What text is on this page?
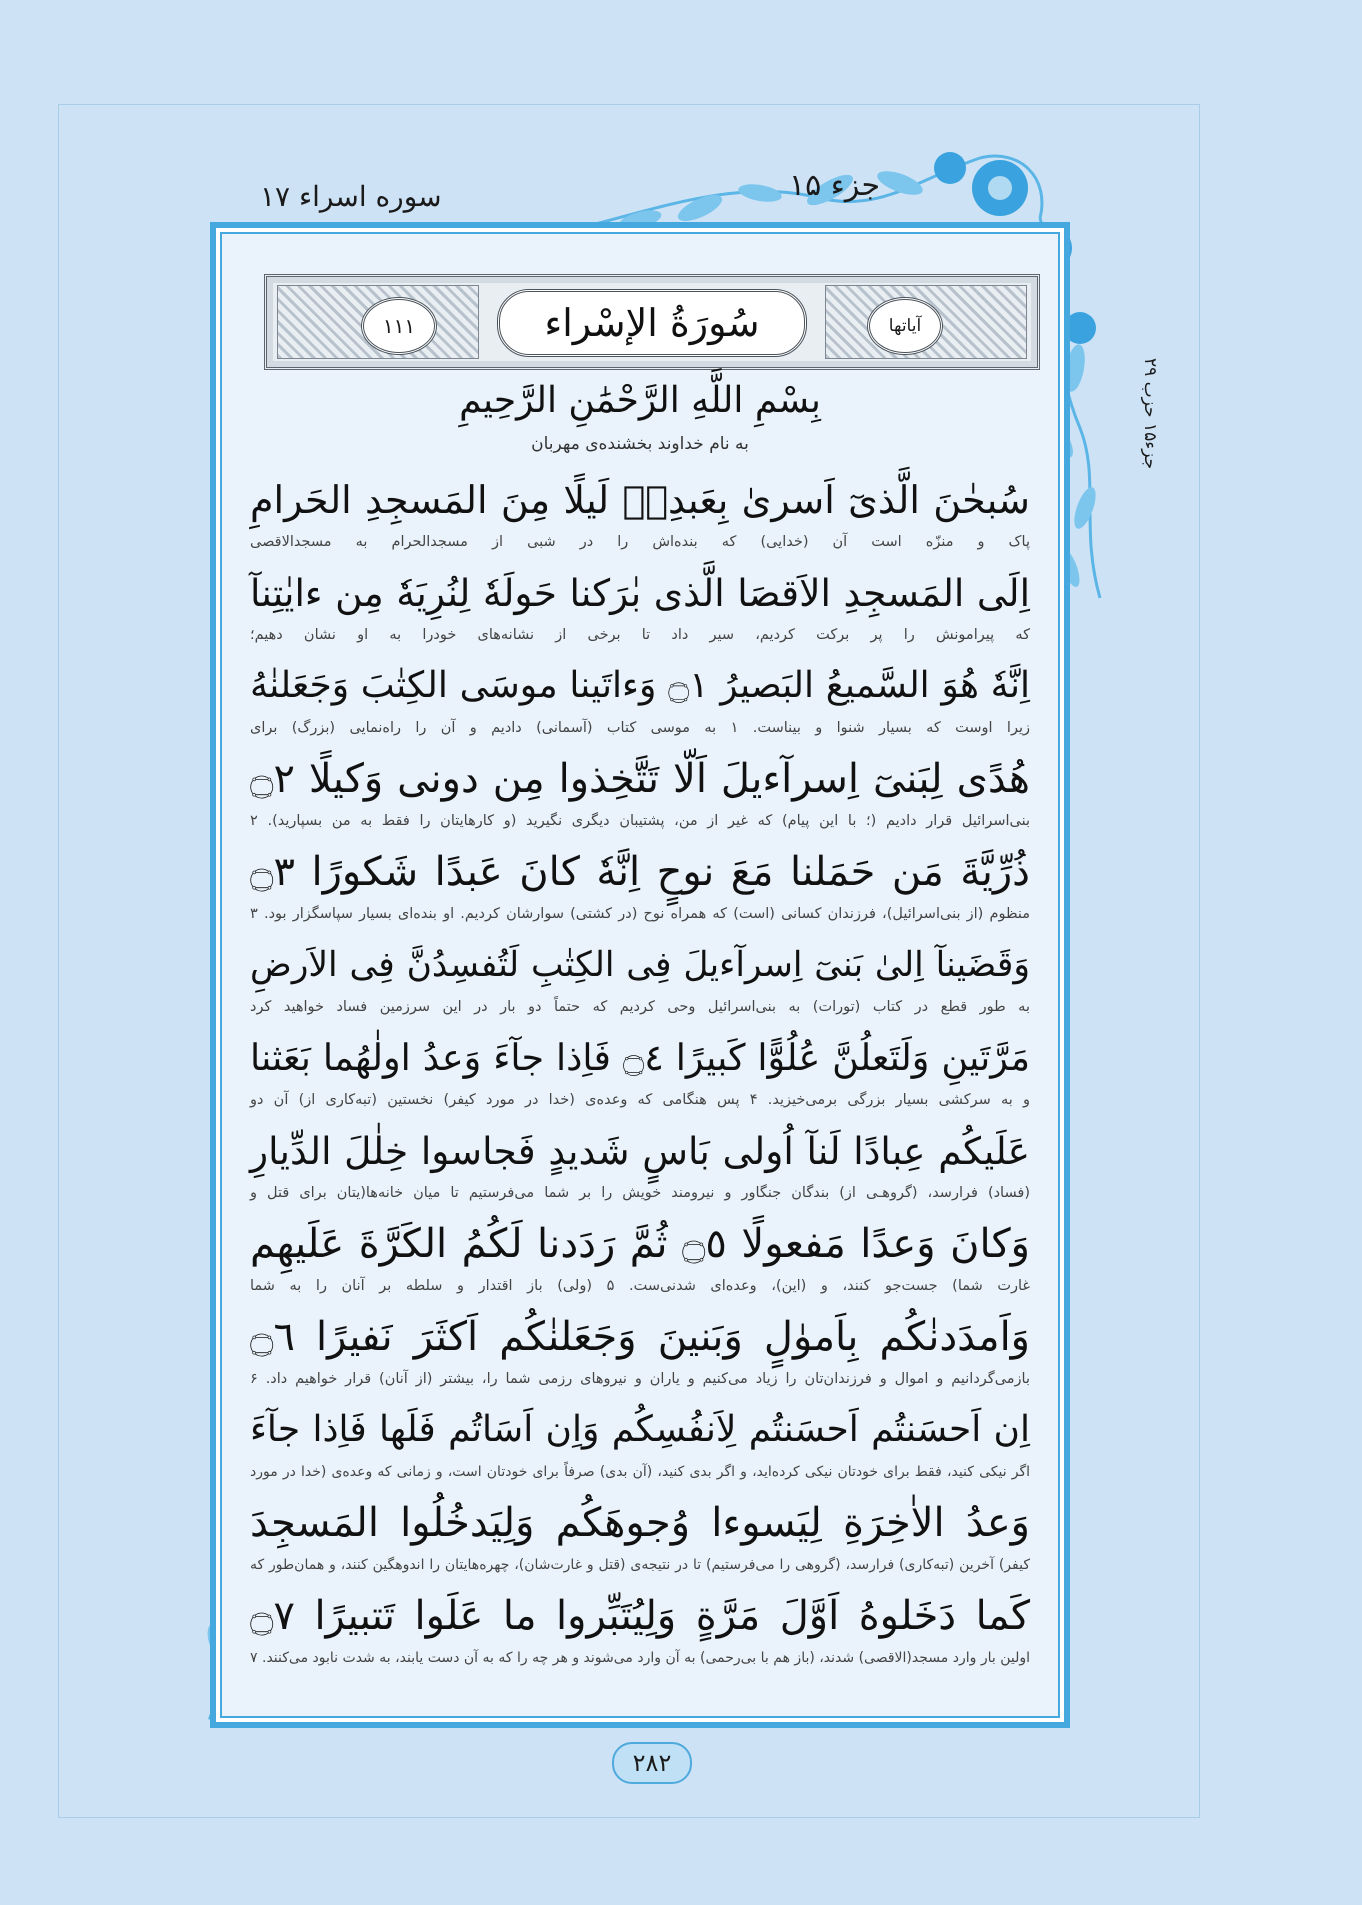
جزء ۱۵
سوره اسراء ۱۷
جزء۱۵ حزب ۲۹
۱۱۱	آیاتها
سُورَةُ الإسْراء
بِسْمِ اللَّهِ الرَّحْمَٰنِ الرَّحِيمِ
به نام خداوند بخشنده‌ی مهربان
سُبحٰنَ الَّذیٓ اَسریٰ بِعَبدِهٖ لَیلًا مِنَ المَسجِدِ الحَرامِ
پاک و منزّه است آن (خدایی) که بنده‌اش را در شبی از مسجدالحرام به مسجدالاقصی
اِلَی المَسجِدِ الاَقصَا الَّذی بٰرَکنا حَولَهٗ لِنُرِیَهٗ مِن ءایٰتِنآ
که پیرامونش را پر برکت کردیم، سیر داد تا برخی از نشانه‌های خودرا به او نشان دهیم؛
اِنَّهٗ هُوَ السَّمیعُ البَصیرُ ۝١ وَءاتَینا موسَی الکِتٰبَ وَجَعَلنٰهُ
زیرا اوست که بسیار شنوا و بیناست. ۱ به موسی کتاب (آسمانی) دادیم و آن را راه‌نمایی (بزرگ) برای
هُدًی لِبَنیٓ اِسرآءیلَ اَلّا تَتَّخِذوا مِن دونی وَکیلًا ۝٢
بنی‌اسرائیل قرار دادیم (؛ با این پیام) که غیر از من، پشتیبان دیگری نگیرید (و کارهایتان را فقط به من بسپارید). ۲
ذُرِّیَّةَ مَن حَمَلنا مَعَ نوحٍ اِنَّهٗ کانَ عَبدًا شَکورًا ۝٣
منظوم (از بنی‌اسرائیل)، فرزندان کسانی (است) که همراه نوح (در کشتی) سوارشان کردیم. او بنده‌ای بسیار سپاسگزار بود. ۳
وَقَضَینآ اِلیٰ بَنیٓ اِسرآءیلَ فِی الکِتٰبِ لَتُفسِدُنَّ فِی الاَرضِ
به طور قطع در کتاب (تورات) به بنی‌اسرائیل وحی کردیم که حتماً دو بار در این سرزمین فساد خواهید کرد
مَرَّتَینِ وَلَتَعلُنَّ عُلُوًّا کَبیرًا ۝٤ فَاِذا جآءَ وَعدُ اولٰهُما بَعَثنا
و به سرکشی بسیار بزرگی برمی‌خیزید. ۴ پس هنگامی که وعده‌ی (خدا در مورد کیفر) نخستین (تبه‌کاری از) آن دو
عَلَیکُم عِبادًا لَنآ اُولی بَاسٍ شَدیدٍ فَجاسوا خِلٰلَ الدِّیارِ
(فساد) فرارسد، (گروهـی از) بندگان جنگاور و نیرومند خویش را بر شما می‌فرستیم تا میان خانه‌ها(یتان برای قتل و
وَکانَ وَعدًا مَفعولًا ۝٥ ثُمَّ رَدَدنا لَکُمُ الکَرَّةَ عَلَیهِم
غارت شما) جست‌جو کنند، و (این)، وعده‌ای شدنی‌ست. ۵ (ولی) باز اقتدار و سلطه بر آنان را به شما
وَاَمدَدنٰکُم بِاَموٰلٍ وَبَنینَ وَجَعَلنٰکُم اَکثَرَ نَفیرًا ۝٦
بازمی‌گردانیم و اموال و فرزندان‌تان را زیاد می‌کنیم و یاران و نیروهای رزمی شما را، بیشتر (از آنان) قرار خواهیم داد. ۶
اِن اَحسَنتُم اَحسَنتُم لِاَنفُسِکُم وَاِن اَسَاتُم فَلَها فَاِذا جآءَ
اگر نیکی کنید، فقط برای خودتان نیکی کرده‌اید، و اگر بدی کنید، (آن بدی) صرفاً برای خودتان است، و زمانی که وعده‌ی (خدا در مورد
وَعدُ الاٰخِرَةِ لِیَسوءا وُجوهَکُم وَلِیَدخُلُوا المَسجِدَ
کیفر) آخرین (تبه‌کاری) فرارسد، (گروهی را می‌فرستیم) تا در نتیجه‌ی (قتل و غارت‌شان)، چهره‌هایتان را اندوهگین کنند، و همان‌طور که
کَما دَخَلوهُ اَوَّلَ مَرَّةٍ وَلِیُتَبِّروا ما عَلَوا تَتبیرًا ۝٧
اولین بار وارد مسجد(الاقصی) شدند، (باز هم با بی‌رحمی) به آن وارد می‌شوند و هر چه را که به آن دست یابند، به شدت نابود می‌کنند. ۷
۲۸۲
